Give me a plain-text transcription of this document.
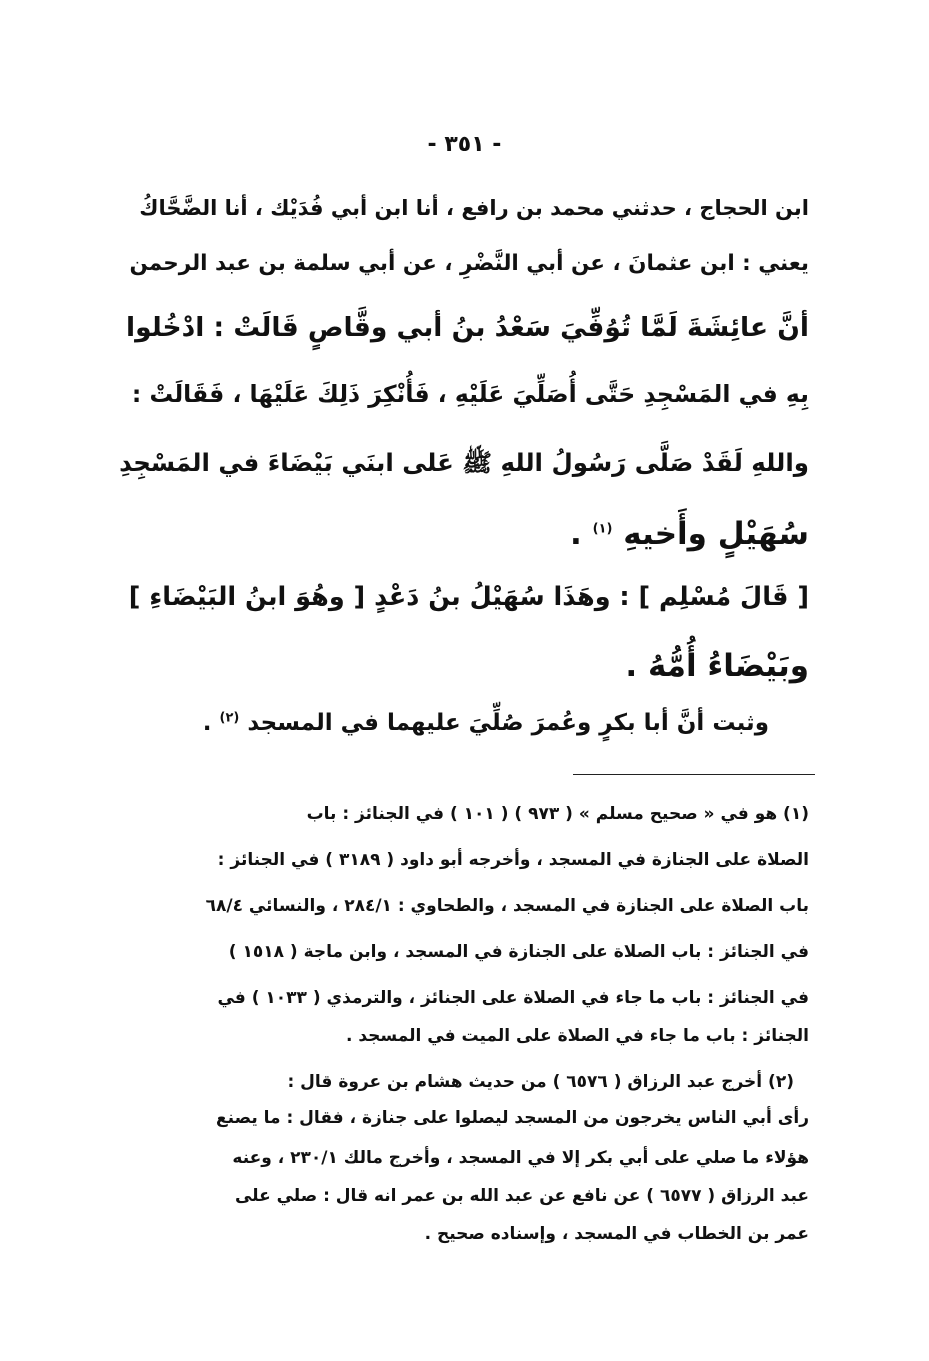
- ٣٥١ -
ابن الحجاج ، حدثني محمد بن رافع ، أنا ابن أبي فُدَيْك ، أنا الضَّحَّاكُ
يعني : ابن عثمانَ ، عن أبي النَّضْرِ ، عن أبي سلمة بن عبد الرحمن
أنَّ عائِشَةَ لَمَّا تُوُفِّيَ سَعْدُ بنُ أبي وقَّاصٍ قَالَتْ : ادْخُلوا
بِهِ في المَسْجِدِ حَتَّى أُصَلِّيَ عَلَيْهِ ، فَأُنْكِرَ ذَلِكَ عَلَيْهَا ، فَقَالَتْ :
واللهِ لَقَدْ صَلَّى رَسُولُ اللهِ ﷺ عَلى ابنَي بَيْضَاءَ في المَسْجِدِ
سُهَيْلٍ وأَخيهِ $^{(١)}$ .
[ قَالَ مُسْلِم ] : وهَذَا سُهَيْلُ بنُ دَعْدٍ [ وهُوَ ابنُ البَيْضَاءِ ]
وبَيْضَاءُ أُمُّهُ .
وثبت أنَّ أبا بكرٍ وعُمرَ صُلِّيَ عليهما في المسجد $^{(٢)}$ .
(١) هو في « صحيح مسلم » ( ٩٧٣ ) ( ١٠١ ) في الجنائز : باب
الصلاة على الجنازة في المسجد ، وأخرجه أبو داود ( ٣١٨٩ ) في الجنائز :
باب الصلاة على الجنازة في المسجد ، والطحاوي : ٢٨٤/١ ، والنسائي ٦٨/٤
في الجنائز : باب الصلاة على الجنازة في المسجد ، وابن ماجة ( ١٥١٨ )
في الجنائز : باب ما جاء في الصلاة على الجنائز ، والترمذي ( ١٠٣٣ ) في
الجنائز : باب ما جاء في الصلاة على الميت في المسجد .
(٢) أخرج عبد الرزاق ( ٦٥٧٦ ) من حديث هشام بن عروة قال :
رأى أبي الناس يخرجون من المسجد ليصلوا على جنازة ، فقال : ما يصنع
هؤلاء ما صلي على أبي بكر إلا في المسجد ، وأخرج مالك ٢٣٠/١ ، وعنه
عبد الرزاق ( ٦٥٧٧ ) عن نافع عن عبد الله بن عمر انه قال : صلي على
عمر بن الخطاب في المسجد ، وإسناده صحيح .
